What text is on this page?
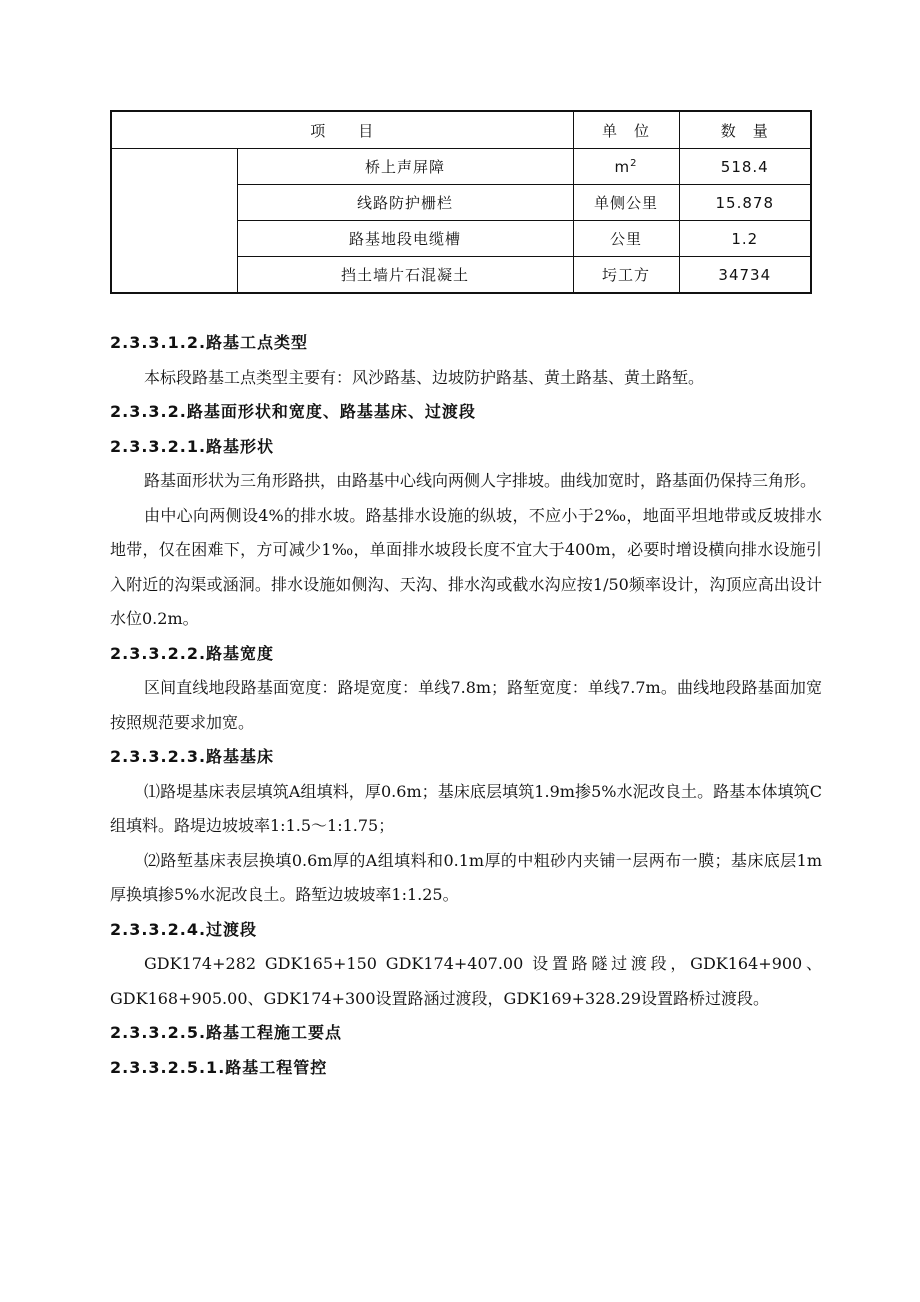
项　　目		单　位	数　量
	桥上声屏障	$m^2$	518.4
	线路防护栅栏	单侧公里	15.878
	路基地段电缆槽	公里	1.2
	挡土墙片石混凝土	圬工方	34734

2.3.3.1.2.路基工点类型

本标段路基工点类型主要有：风沙路基、边坡防护路基、黄土路基、黄土路堑。

2.3.3.2.路基面形状和宽度、路基基床、过渡段

2.3.3.2.1.路基形状

路基面形状为三角形路拱，由路基中心线向两侧人字排坡。曲线加宽时，路基面仍保持三角形。

由中心向两侧设4%的排水坡。路基排水设施的纵坡，不应小于2‰，地面平坦地带或反坡排水地带，仅在困难下，方可减少1‰，单面排水坡段长度不宜大于400m，必要时增设横向排水设施引入附近的沟渠或涵洞。排水设施如侧沟、天沟、排水沟或截水沟应按1/50频率设计，沟顶应高出设计水位0.2m。

2.3.3.2.2.路基宽度

区间直线地段路基面宽度：路堤宽度：单线7.8m；路堑宽度：单线7.7m。曲线地段路基面加宽按照规范要求加宽。

2.3.3.2.3.路基基床

⑴路堤基床表层填筑A组填料，厚0.6m；基床底层填筑1.9m掺5%水泥改良土。路基本体填筑C组填料。路堤边坡坡率1:1.5～1:1.75；

⑵路堑基床表层换填0.6m厚的A组填料和0.1m厚的中粗砂内夹铺一层两布一膜；基床底层1m厚换填掺5%水泥改良土。路堑边坡坡率1:1.25。

2.3.3.2.4.过渡段

GDK174+282 GDK165+150 GDK174+407.00 设置路隧过渡段，GDK164+900、GDK168+905.00、GDK174+300设置路涵过渡段，GDK169+328.29设置路桥过渡段。

2.3.3.2.5.路基工程施工要点

2.3.3.2.5.1.路基工程管控
